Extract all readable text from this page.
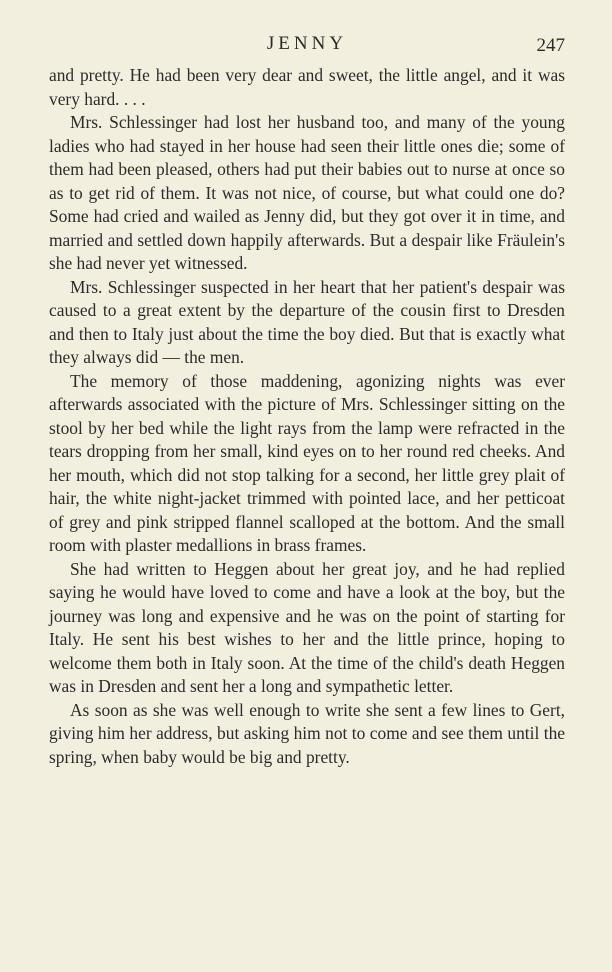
JENNY	247

and pretty. He had been very dear and sweet, the little angel, and it was very hard. . . .

Mrs. Schlessinger had lost her husband too, and many of the young ladies who had stayed in her house had seen their little ones die; some of them had been pleased, others had put their babies out to nurse at once so as to get rid of them. It was not nice, of course, but what could one do? Some had cried and wailed as Jenny did, but they got over it in time, and married and settled down happily afterwards. But a despair like Fräulein's she had never yet witnessed.

Mrs. Schlessinger suspected in her heart that her patient's despair was caused to a great extent by the departure of the cousin first to Dresden and then to Italy just about the time the boy died. But that is exactly what they always did — the men.

The memory of those maddening, agonizing nights was ever afterwards associated with the picture of Mrs. Schlessinger sitting on the stool by her bed while the light rays from the lamp were refracted in the tears dropping from her small, kind eyes on to her round red cheeks. And her mouth, which did not stop talking for a second, her little grey plait of hair, the white night-jacket trimmed with pointed lace, and her petticoat of grey and pink stripped flannel scalloped at the bottom. And the small room with plaster medallions in brass frames.

She had written to Heggen about her great joy, and he had replied saying he would have loved to come and have a look at the boy, but the journey was long and expensive and he was on the point of starting for Italy. He sent his best wishes to her and the little prince, hoping to welcome them both in Italy soon. At the time of the child's death Heggen was in Dresden and sent her a long and sympathetic letter.

As soon as she was well enough to write she sent a few lines to Gert, giving him her address, but asking him not to come and see them until the spring, when baby would be big and pretty.
